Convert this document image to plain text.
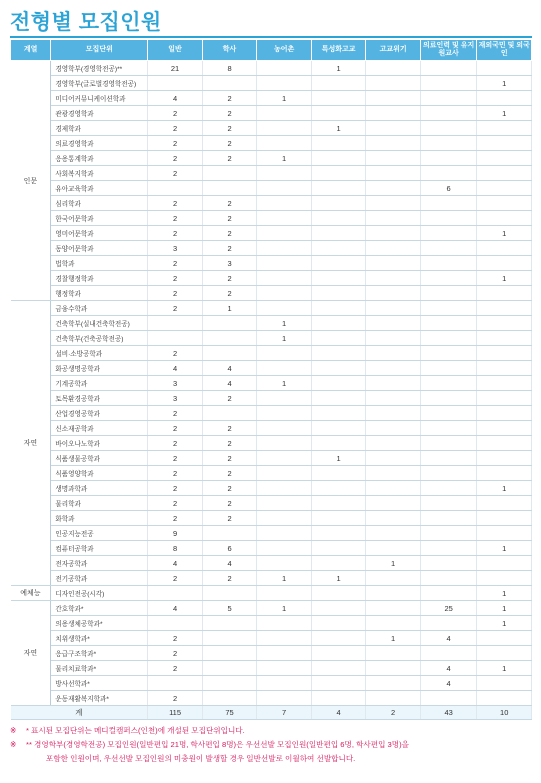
전형별 모집인원
계열	모집단위	일반	학사	농어촌	특성화고교	고교위기	의료인력 및 유지원교사	재외국민 및 외국인
인문	경영학부(경영학전공)**	21	8		1			
	경영학부(글로벌경영학전공)							1
	미디어커뮤니케이션학과	4	2	1				
	관광경영학과	2	2					1
	경제학과	2	2		1			
	의료경영학과	2	2					
	응용통계학과	2	2	1				
	사회복지학과	2						
	유아교육학과						6	
	심리학과	2	2					
	한국어문학과	2	2					
	영미어문학과	2	2					1
	동양어문학과	3	2					
	법학과	2	3					
	경찰행정학과	2	2					1
	행정학과	2	2					
자연	금융수학과	2	1					
	건축학부(실내건축학전공)			1				
	건축학부(건축공학전공)			1				
	설비·소방공학과	2						
	화공생명공학과	4	4					
	기계공학과	3	4	1				
	토목환경공학과	3	2					
	산업경영공학과	2						
	신소재공학과	2	2					
	바이오나노학과	2	2					
	식품생물공학과	2	2		1			
	식품영양학과	2	2					
	생명과학과	2	2					1
	물리학과	2	2					
	화학과	2	2					
	인공지능전공	9						
	컴퓨터공학과	8	6					1
	전자공학과	4	4			1		
	전기공학과	2	2	1	1			
예체능	디자인전공(시각)							1
자연	간호학과*	4	5	1			25	1
	의용생체공학과*							1
	치위생학과*	2				1	4	
	응급구조학과*	2						
	물리치료학과*	2					4	1
	방사선학과*						4	
	운동재활복지학과*	2						
계		115	75	7	4	2	43	10
※ * 표시된 모집단위는 메디컬캠퍼스(인천)에 개설된 모집단위입니다.
※ ** 경영학부(경영학전공) 모집인원(일반편입 21명, 학사편입 8명)은 우선선발 모집인원(일반편입 6명, 학사편입 3명)을
포함한 인원이며, 우선선발 모집인원의 미충원이 발생할 경우 일반선발로 이월하여 선발합니다.
